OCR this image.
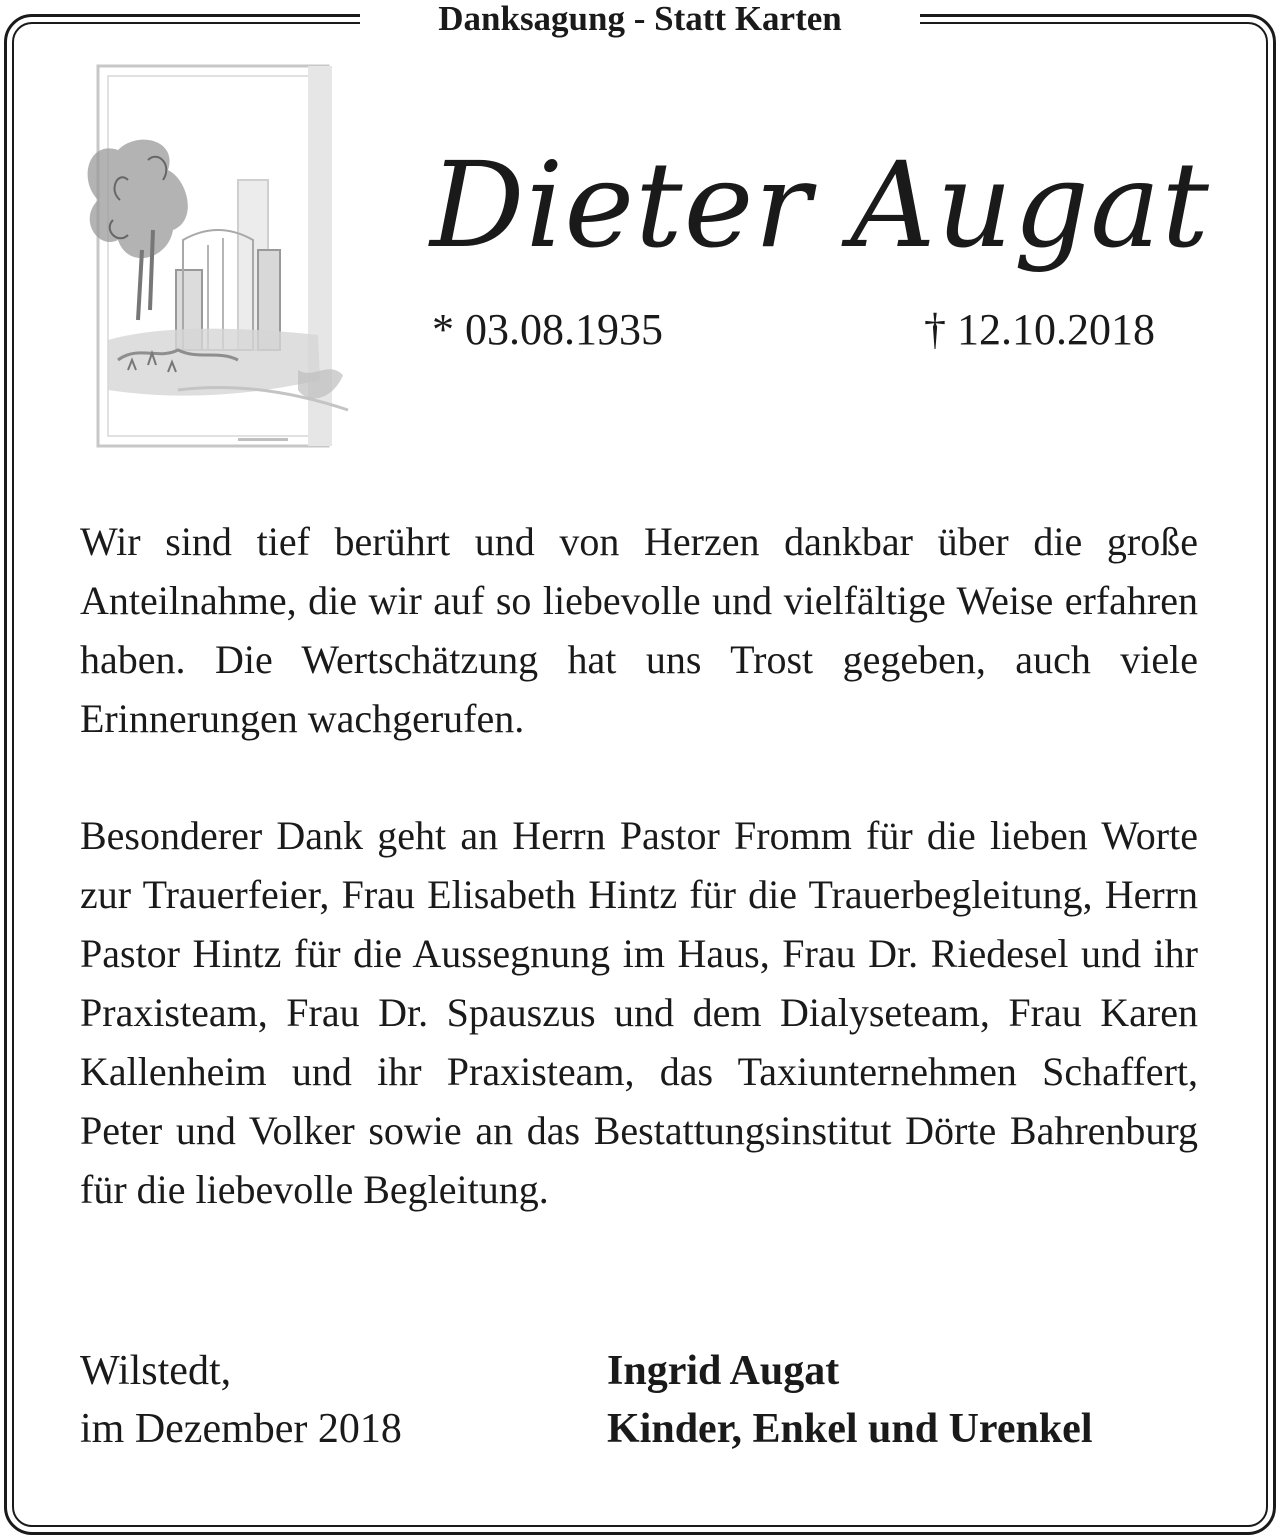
Danksagung - Statt Karten
Dieter Augat
* 03.08.1935	† 12.10.2018

Wir sind tief berührt und von Herzen dankbar über die große Anteilnahme, die wir auf so liebevolle und vielfältige Weise erfahren haben. Die Wertschätzung hat uns Trost gegeben, auch viele Erinnerungen wachgerufen.

Besonderer Dank geht an Herrn Pastor Fromm für die lieben Worte zur Trauerfeier, Frau Elisabeth Hintz für die Trauerbegleitung, Herrn Pastor Hintz für die Aussegnung im Haus, Frau Dr. Riedesel und ihr Praxisteam, Frau Dr. Spauszus und dem Dialyseteam, Frau Karen Kallenheim und ihr Praxisteam, das Taxiunternehmen Schaffert, Peter und Volker sowie an das Bestattungsinstitut Dörte Bahrenburg für die liebevolle Begleitung.

Wilstedt,
im Dezember 2018
Ingrid Augat
Kinder, Enkel und Urenkel
